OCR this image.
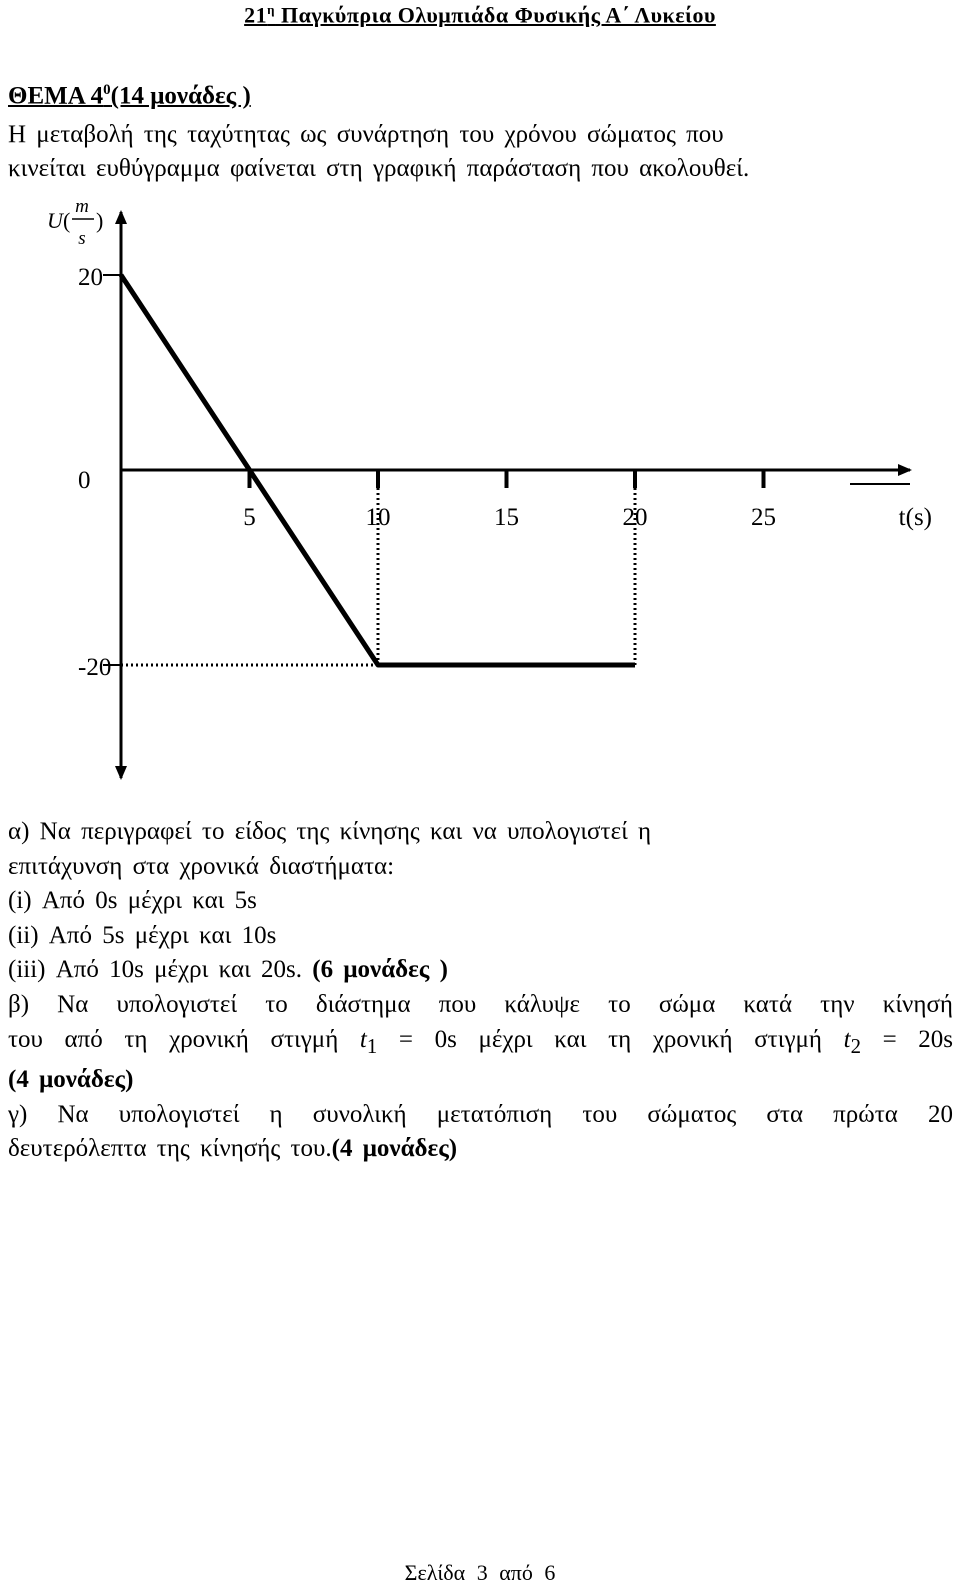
$21^\eta$ Παγκύπρια Ολυμπιάδα Φυσικής Α΄ Λυκείου
ΘΕΜΑ $4^0(14$ μονάδες )
Η μεταβολή της ταχύτητας ως συνάρτηση του χρόνου σώματος που
κινείται ευθύγραμμα φαίνεται στη γραφική παράσταση που ακολουθεί.
20
0
-20
5	10	15	20	25	t(s)
U (
m
s
)

α) Να περιγραφεί το είδος της κίνησης και να υπολογιστεί η

επιτάχυνση στα χρονικά διαστήματα:

(i) Από 0s μέχρι και 5s

(ii) Από 5s μέχρι και 10s

(iii) Από 10s μέχρι και 20s. (6 μονάδες )

β) Να υπολογιστεί το διάστημα που κάλυψε το σώμα κατά την κίνησή

του από τη χρονική στιγμή $t_1 = 0s$ μέχρι και τη χρονική στιγμή $t_2 = 20s$

(4 μονάδες)

γ) Να υπολογιστεί η συνολική μετατόπιση του σώματος στα πρώτα 20

δευτερόλεπτα της κίνησής του.(4 μονάδες)

Σελίδα 3 από 6
